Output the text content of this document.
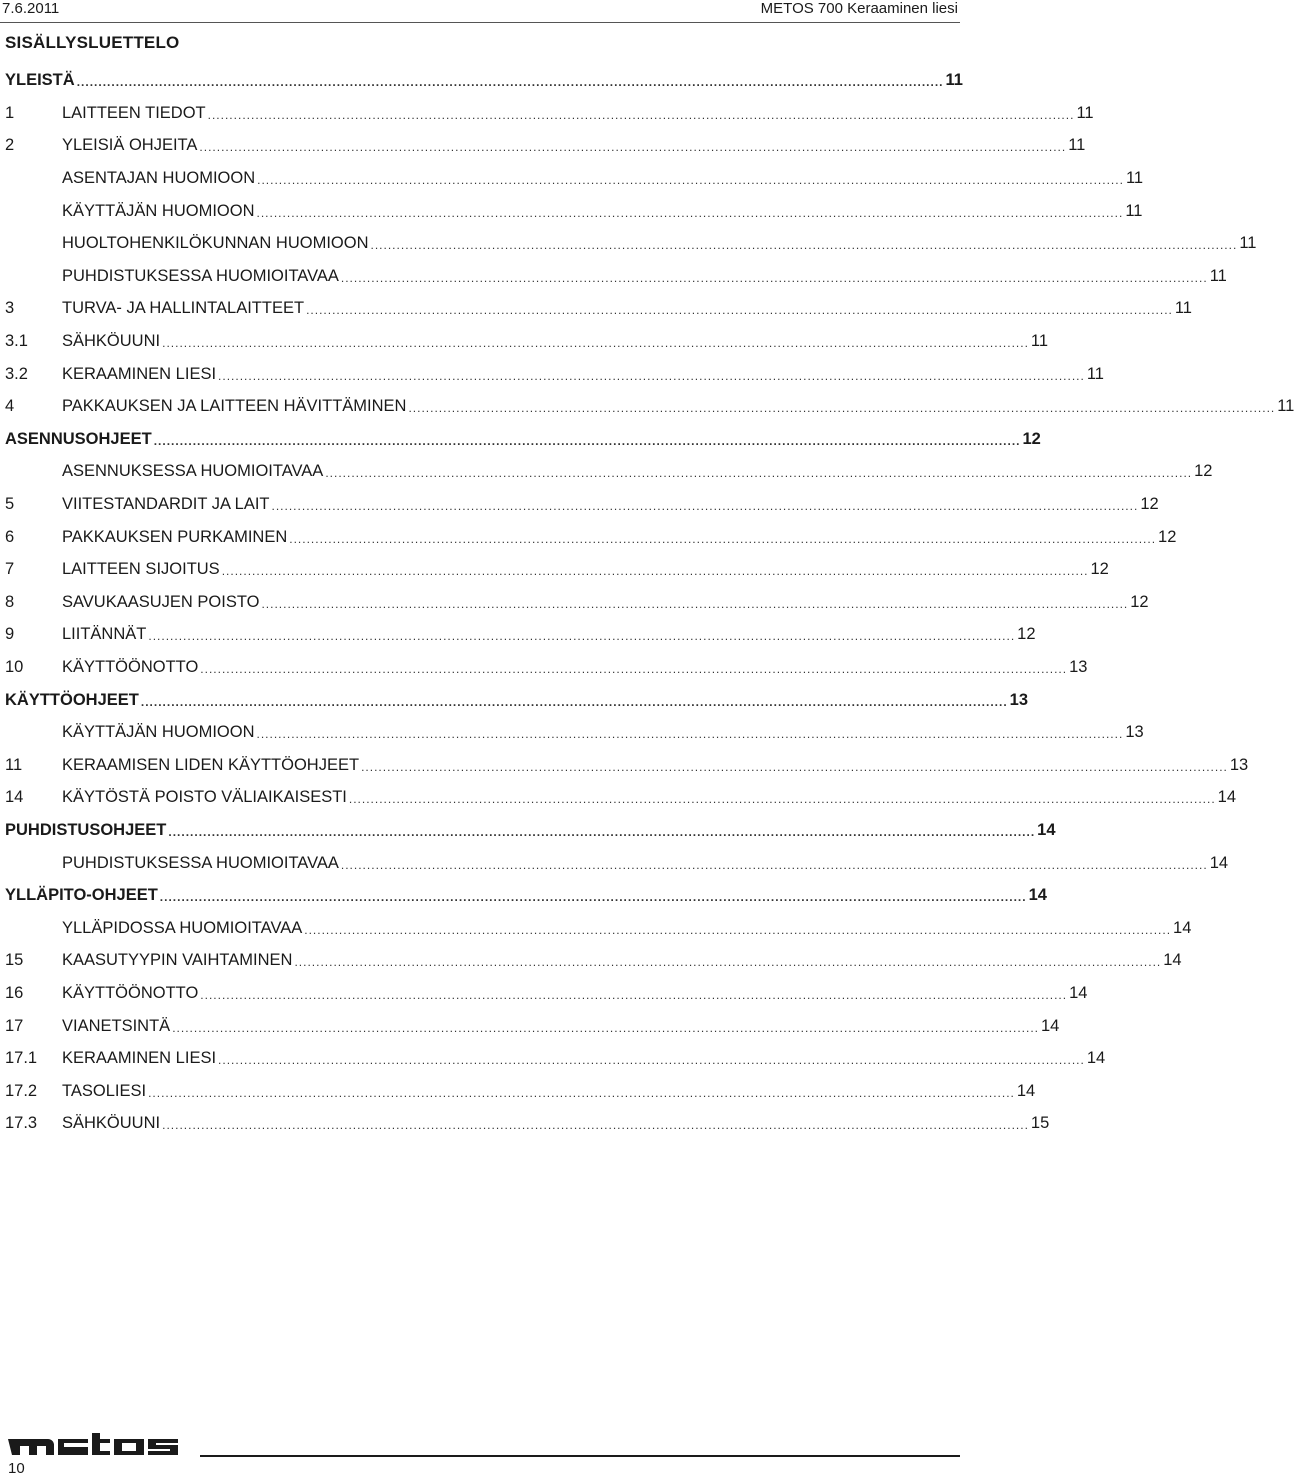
7.6.2011	METOS 700 Keraaminen liesi
SISÄLLYSLUETTELO
YLEISTÄ ........................................................................................................................................................................................................ 11
1	LAITTEEN TIEDOT ........................................................................................................................................................................................................ 11
2	YLEISIÄ OHJEITA ........................................................................................................................................................................................................ 11
ASENTAJAN HUOMIOON ........................................................................................................................................................................................................ 11
KÄYTTÄJÄN HUOMIOON ........................................................................................................................................................................................................ 11
HUOLTOHENKILÖKUNNAN HUOMIOON ........................................................................................................................................................................................................ 11
PUHDISTUKSESSA HUOMIOITAVAA ........................................................................................................................................................................................................ 11
3	TURVA- JA HALLINTALAITTEET ........................................................................................................................................................................................................ 11
3.1	SÄHKÖUUNI ........................................................................................................................................................................................................ 11
3.2	KERAAMINEN LIESI ........................................................................................................................................................................................................ 11
4	PAKKAUKSEN JA LAITTEEN HÄVITTÄMINEN ........................................................................................................................................................................................................ 11
ASENNUSOHJEET ........................................................................................................................................................................................................ 12
ASENNUKSESSA HUOMIOITAVAA ........................................................................................................................................................................................................ 12
5	VIITESTANDARDIT JA LAIT ........................................................................................................................................................................................................ 12
6	PAKKAUKSEN PURKAMINEN ........................................................................................................................................................................................................ 12
7	LAITTEEN SIJOITUS ........................................................................................................................................................................................................ 12
8	SAVUKAASUJEN POISTO ........................................................................................................................................................................................................ 12
9	LIITÄNNÄT ........................................................................................................................................................................................................ 12
10	KÄYTTÖÖNOTTO ........................................................................................................................................................................................................ 13
KÄYTTÖOHJEET ........................................................................................................................................................................................................ 13
KÄYTTÄJÄN HUOMIOON ........................................................................................................................................................................................................ 13
11	KERAAMISEN LIDEN KÄYTTÖOHJEET ........................................................................................................................................................................................................ 13
14	KÄYTÖSTÄ POISTO VÄLIAIKAISESTI ........................................................................................................................................................................................................ 14
PUHDISTUSOHJEET ........................................................................................................................................................................................................ 14
PUHDISTUKSESSA HUOMIOITAVAA ........................................................................................................................................................................................................ 14
YLLÄPITO-OHJEET ........................................................................................................................................................................................................ 14
YLLÄPIDOSSA HUOMIOITAVAA ........................................................................................................................................................................................................ 14
15	KAASUTYYPIN VAIHTAMINEN ........................................................................................................................................................................................................ 14
16	KÄYTTÖÖNOTTO ........................................................................................................................................................................................................ 14
17	VIANETSINTÄ ........................................................................................................................................................................................................ 14
17.1	KERAAMINEN LIESI ........................................................................................................................................................................................................ 14
17.2	TASOLIESI ........................................................................................................................................................................................................ 14
17.3	SÄHKÖUUNI ........................................................................................................................................................................................................ 15
metos
10
